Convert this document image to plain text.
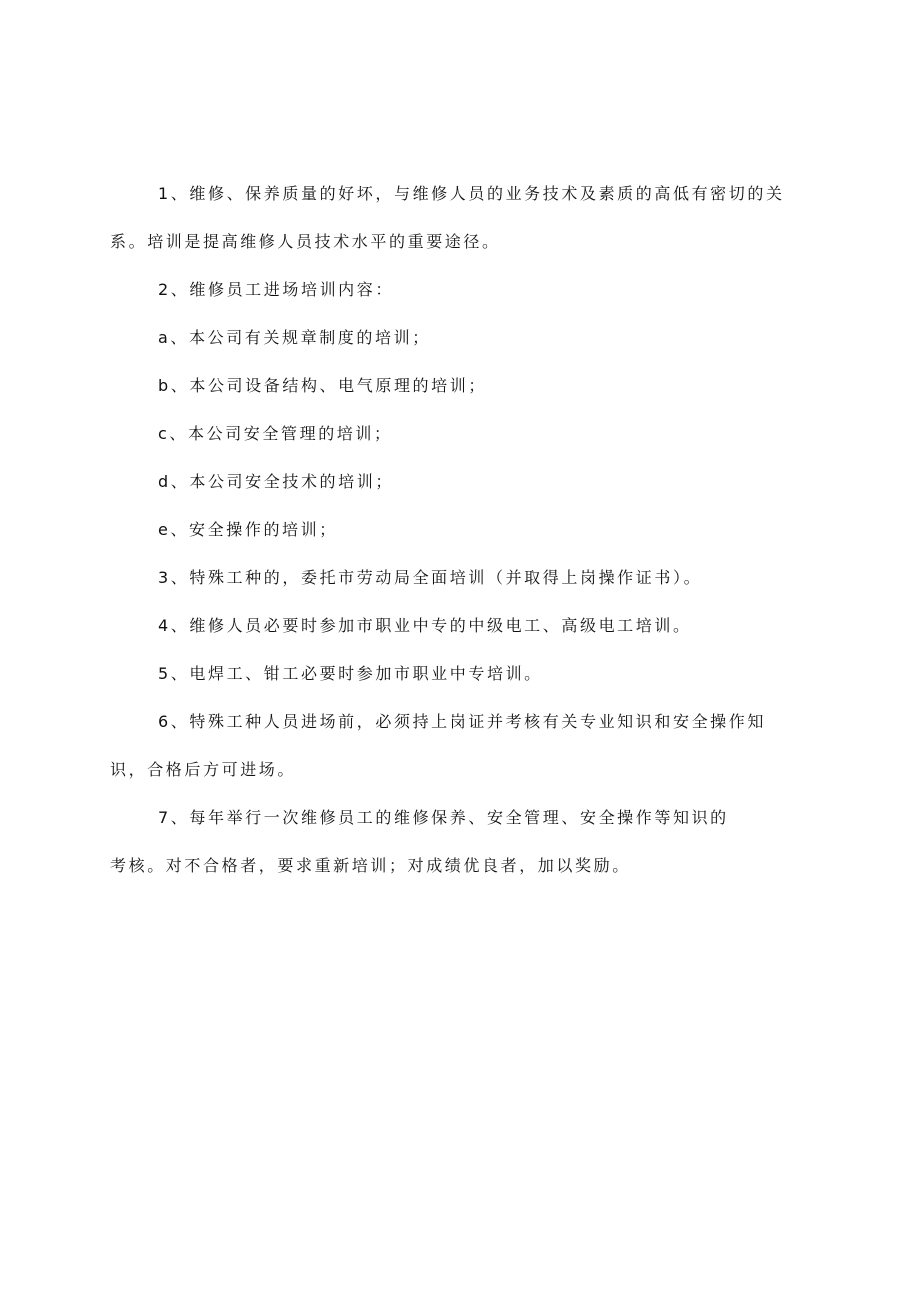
1、维修、保养质量的好坏，与维修人员的业务技术及素质的高低有密切的关系。培训是提高维修人员技术水平的重要途径。

2、维修员工进场培训内容：

a、本公司有关规章制度的培训；

b、本公司设备结构、电气原理的培训；

c、本公司安全管理的培训；

d、本公司安全技术的培训；

e、安全操作的培训；

3、特殊工种的，委托市劳动局全面培训（并取得上岗操作证书）。

4、维修人员必要时参加市职业中专的中级电工、高级电工培训。

5、电焊工、钳工必要时参加市职业中专培训。

6、特殊工种人员进场前，必须持上岗证并考核有关专业知识和安全操作知识，合格后方可进场。

7、每年举行一次维修员工的维修保养、安全管理、安全操作等知识的

考核。对不合格者，要求重新培训；对成绩优良者，加以奖励。
